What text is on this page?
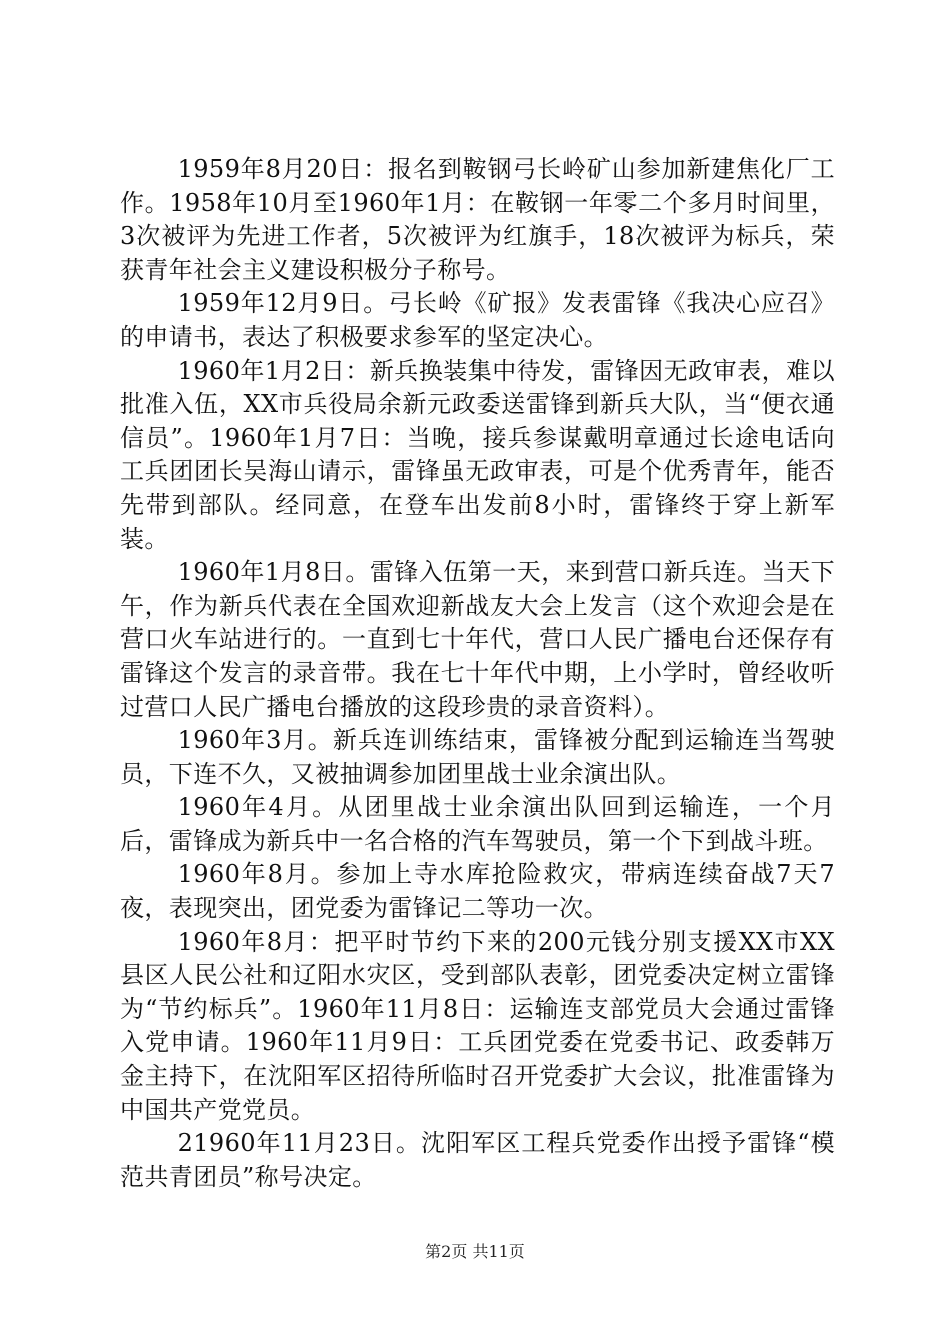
1959年8月20日：报名到鞍钢弓长岭矿山参加新建焦化厂工作。1958年10月至1960年1月：在鞍钢一年零二个多月时间里，3次被评为先进工作者，5次被评为红旗手，18次被评为标兵，荣获青年社会主义建设积极分子称号。

1959年12月9日。弓长岭《矿报》发表雷锋《我决心应召》的申请书，表达了积极要求参军的坚定决心。

1960年1月2日：新兵换装集中待发，雷锋因无政审表，难以批准入伍，XX市兵役局余新元政委送雷锋到新兵大队，当“便衣通信员”。1960年1月7日：当晚，接兵参谋戴明章通过长途电话向工兵团团长吴海山请示，雷锋虽无政审表，可是个优秀青年，能否先带到部队。经同意，在登车出发前8小时，雷锋终于穿上新军装。

1960年1月8日。雷锋入伍第一天，来到营口新兵连。当天下午，作为新兵代表在全国欢迎新战友大会上发言（这个欢迎会是在营口火车站进行的。一直到七十年代，营口人民广播电台还保存有雷锋这个发言的录音带。我在七十年代中期，上小学时，曾经收听过营口人民广播电台播放的这段珍贵的录音资料）。

1960年3月。新兵连训练结束，雷锋被分配到运输连当驾驶员，下连不久，又被抽调参加团里战士业余演出队。

1960年4月。从团里战士业余演出队回到运输连，一个月后，雷锋成为新兵中一名合格的汽车驾驶员，第一个下到战斗班。

1960年8月。参加上寺水库抢险救灾，带病连续奋战7天7夜，表现突出，团党委为雷锋记二等功一次。

1960年8月：把平时节约下来的200元钱分别支援XX市XX县区人民公社和辽阳水灾区，受到部队表彰，团党委决定树立雷锋为“节约标兵”。1960年11月8日：运输连支部党员大会通过雷锋入党申请。1960年11月9日：工兵团党委在党委书记、政委韩万金主持下，在沈阳军区招待所临时召开党委扩大会议，批准雷锋为中国共产党党员。

21960年11月23日。沈阳军区工程兵党委作出授予雷锋“模范共青团员”称号决定。

第2页 共11页
